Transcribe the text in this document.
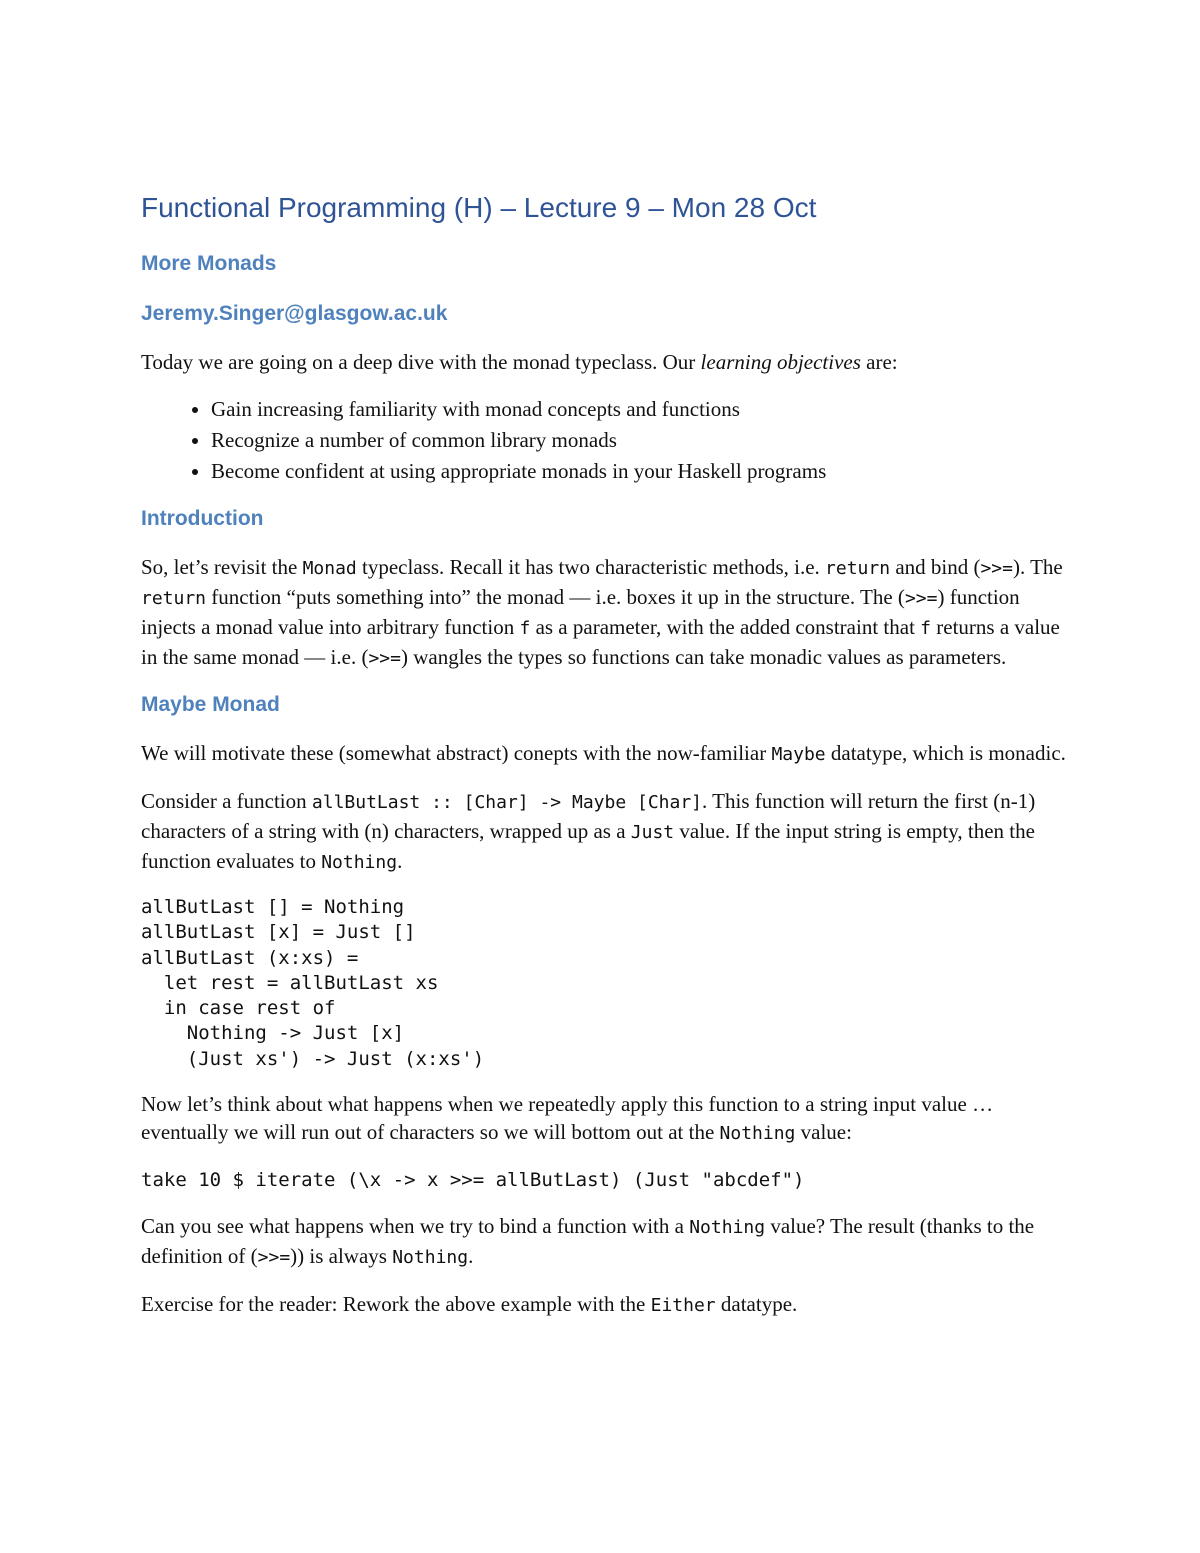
Functional Programming (H) – Lecture 9 – Mon 28 Oct
More Monads
Jeremy.Singer@glasgow.ac.uk

Today we are going on a deep dive with the monad typeclass. Our learning objectives are:

• Gain increasing familiarity with monad concepts and functions
• Recognize a number of common library monads
• Become confident at using appropriate monads in your Haskell programs
Introduction

So, let’s revisit the Monad typeclass. Recall it has two characteristic methods, i.e. return and bind (>>=). The return function “puts something into” the monad — i.e. boxes it up in the structure. The (>>=) function injects a monad value into arbitrary function f as a parameter, with the added constraint that f returns a value in the same monad — i.e. (>>=) wangles the types so functions can take monadic values as parameters.

Maybe Monad

We will motivate these (somewhat abstract) conepts with the now-familiar Maybe datatype, which is monadic.

Consider a function allButLast :: [Char] -> Maybe [Char]. This function will return the first (n-1) characters of a string with (n) characters, wrapped up as a Just value. If the input string is empty, then the function evaluates to Nothing.

allButLast [] = Nothing
allButLast [x] = Just []
allButLast (x:xs) =
let rest = allButLast xs
in case rest of
Nothing -> Just [x]
(Just xs') -> Just (x:xs')

Now let’s think about what happens when we repeatedly apply this function to a string input value … eventually we will run out of characters so we will bottom out at the Nothing value:

take 10 $ iterate (\x -> x >>= allButLast) (Just "abcdef")

Can you see what happens when we try to bind a function with a Nothing value? The result (thanks to the definition of (>>=)) is always Nothing.

Exercise for the reader: Rework the above example with the Either datatype.
